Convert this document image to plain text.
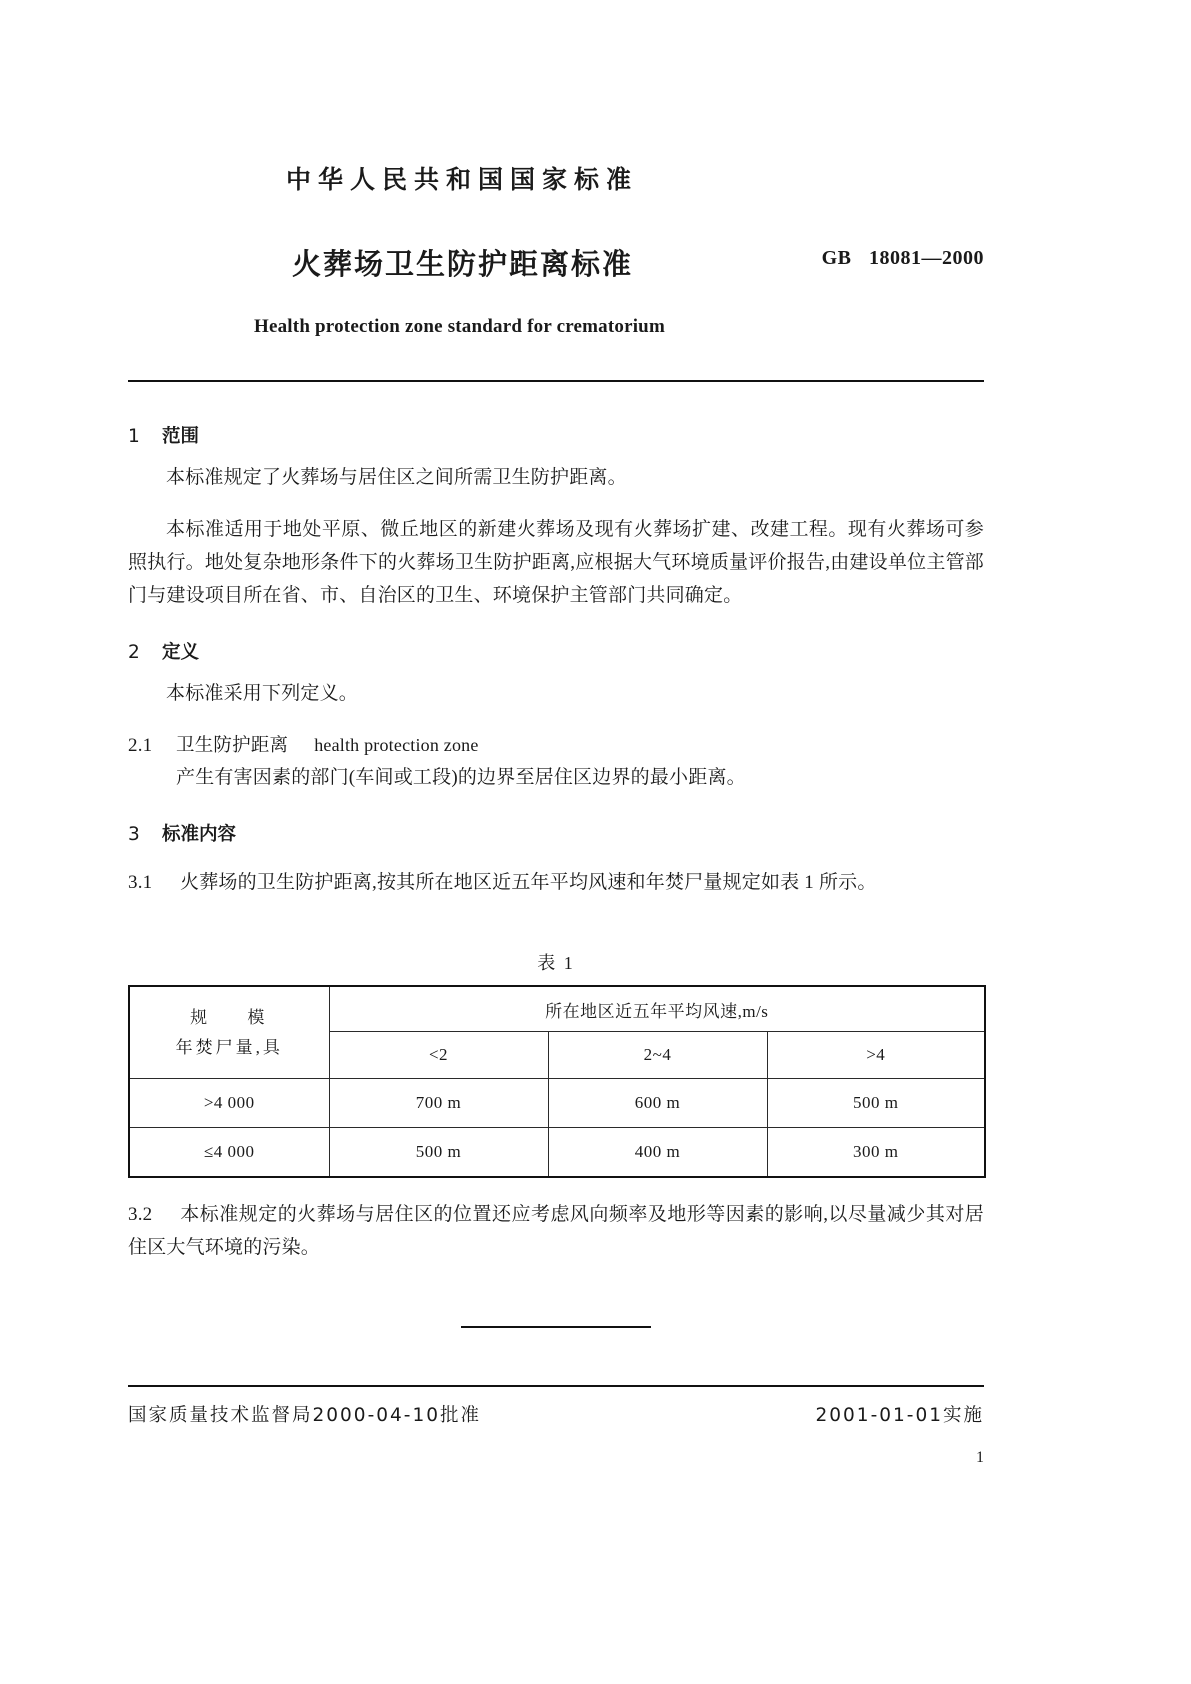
中华人民共和国国家标准
火葬场卫生防护距离标准	GB 18081—2000
Health protection zone standard for crematorium
1 范围

本标准规定了火葬场与居住区之间所需卫生防护距离。

本标准适用于地处平原、微丘地区的新建火葬场及现有火葬场扩建、改建工程。现有火葬场可参照执行。地处复杂地形条件下的火葬场卫生防护距离,应根据大气环境质量评价报告,由建设单位主管部门与建设项目所在省、市、自治区的卫生、环境保护主管部门共同确定。

2 定义

本标准采用下列定义。

2.1 卫生防护距离 health protection zone
产生有害因素的部门(车间或工段)的边界至居住区边界的最小距离。
3 标准内容
3.1 火葬场的卫生防护距离,按其所在地区近五年平均风速和年焚尸量规定如表 1 所示。
表 1
规 模
年焚尸量,具	所在地区近五年平均风速,m/s		
	<2	2~4	>4
>4 000	700 m	600 m	500 m
≤4 000	500 m	400 m	300 m
3.2 本标准规定的火葬场与居住区的位置还应考虑风向频率及地形等因素的影响,以尽量减少其对居住区大气环境的污染。
国家质量技术监督局2000-04-10批准	2001-01-01实施
1
